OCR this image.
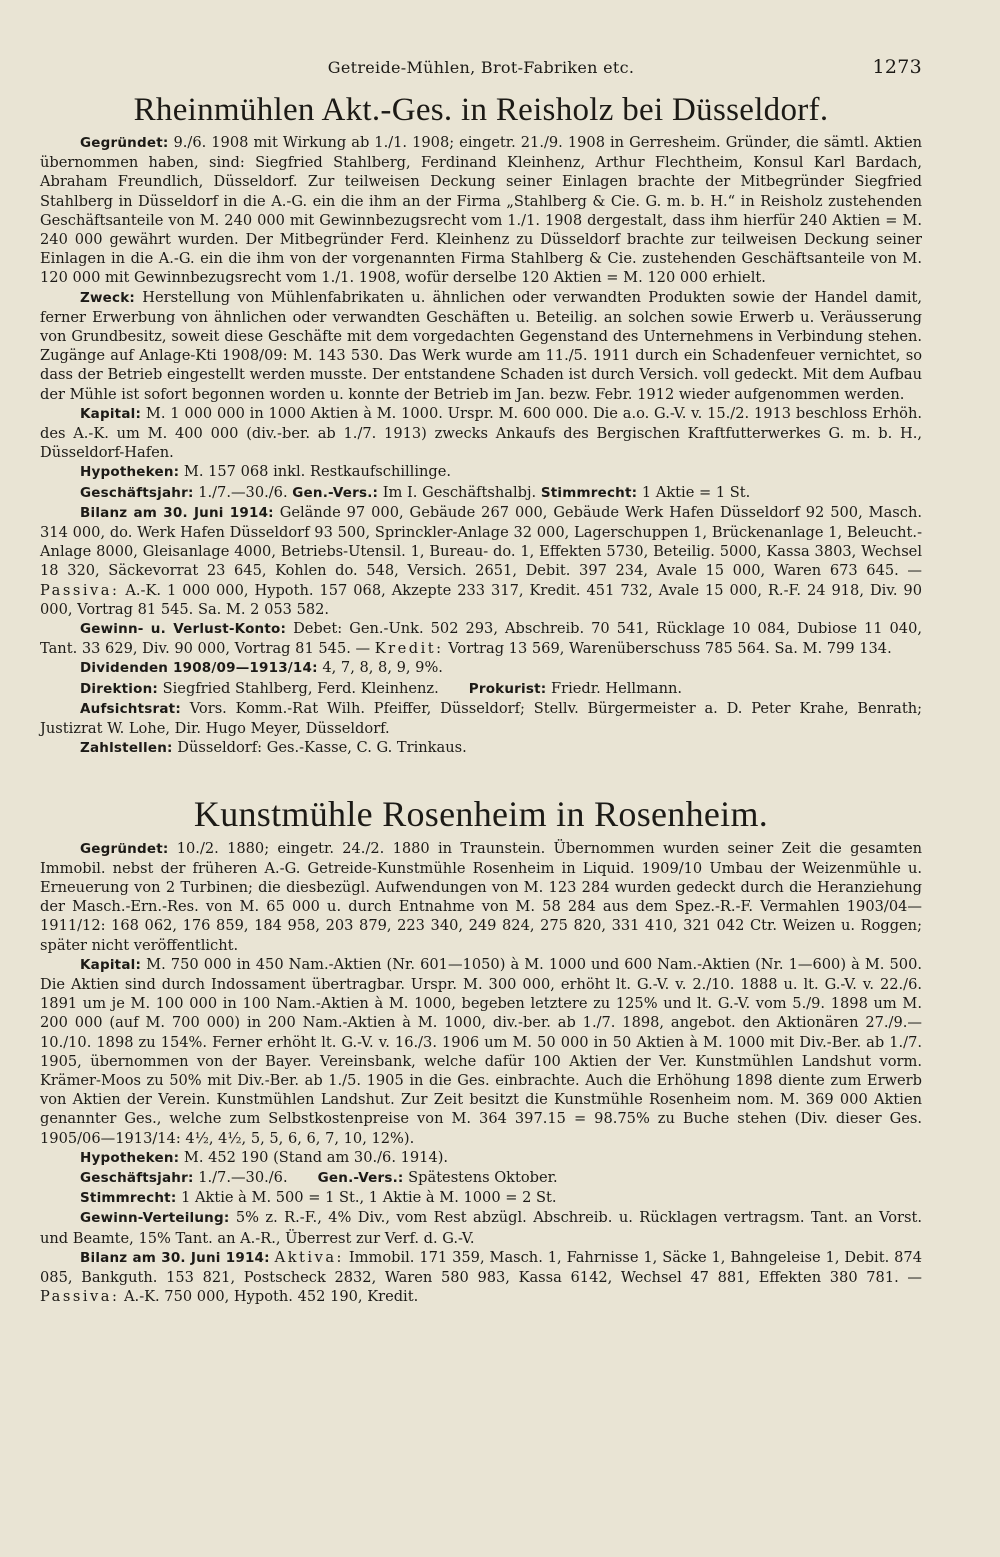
Getreide-Mühlen, Brot-Fabriken etc.	1273
Rheinmühlen Akt.-Ges. in Reisholz bei Düsseldorf.

Gegründet: 9./6. 1908 mit Wirkung ab 1./1. 1908; eingetr. 21./9. 1908 in Gerresheim. Gründer, die sämtl. Aktien übernommen haben, sind: Siegfried Stahlberg, Ferdinand Kleinhenz, Arthur Flechtheim, Konsul Karl Bardach, Abraham Freundlich, Düsseldorf. Zur teilweisen Deckung seiner Einlagen brachte der Mitbegründer Siegfried Stahlberg in Düsseldorf in die A.-G. ein die ihm an der Firma „Stahlberg & Cie. G. m. b. H.“ in Reisholz zustehenden Geschäftsanteile von M. 240 000 mit Gewinnbezugsrecht vom 1./1. 1908 dergestalt, dass ihm hierfür 240 Aktien = M. 240 000 gewährt wurden. Der Mitbegründer Ferd. Kleinhenz zu Düsseldorf brachte zur teilweisen Deckung seiner Einlagen in die A.-G. ein die ihm von der vorgenannten Firma Stahlberg & Cie. zustehenden Geschäftsanteile von M. 120 000 mit Gewinnbezugsrecht vom 1./1. 1908, wofür derselbe 120 Aktien = M. 120 000 erhielt.

Zweck: Herstellung von Mühlenfabrikaten u. ähnlichen oder verwandten Produkten sowie der Handel damit, ferner Erwerbung von ähnlichen oder verwandten Geschäften u. Beteilig. an solchen sowie Erwerb u. Veräusserung von Grundbesitz, soweit diese Geschäfte mit dem vorgedachten Gegenstand des Unternehmens in Verbindung stehen. Zugänge auf Anlage-Kti 1908/09: M. 143 530. Das Werk wurde am 11./5. 1911 durch ein Schadenfeuer vernichtet, so dass der Betrieb eingestellt werden musste. Der entstandene Schaden ist durch Versich. voll gedeckt. Mit dem Aufbau der Mühle ist sofort begonnen worden u. konnte der Betrieb im Jan. bezw. Febr. 1912 wieder aufgenommen werden.

Kapital: M. 1 000 000 in 1000 Aktien à M. 1000. Urspr. M. 600 000. Die a.o. G.-V. v. 15./2. 1913 beschloss Erhöh. des A.-K. um M. 400 000 (div.-ber. ab 1./7. 1913) zwecks Ankaufs des Bergischen Kraftfutterwerkes G. m. b. H., Düsseldorf-Hafen.

Hypotheken: M. 157 068 inkl. Restkaufschillinge.

Geschäftsjahr: 1./7.—30./6. Gen.-Vers.: Im I. Geschäftshalbj. Stimmrecht: 1 Aktie = 1 St.

Bilanz am 30. Juni 1914: Gelände 97 000, Gebäude 267 000, Gebäude Werk Hafen Düsseldorf 92 500, Masch. 314 000, do. Werk Hafen Düsseldorf 93 500, Sprinckler-Anlage 32 000, Lagerschuppen 1, Brückenanlage 1, Beleucht.-Anlage 8000, Gleisanlage 4000, Betriebs-Utensil. 1, Bureau- do. 1, Effekten 5730, Beteilig. 5000, Kassa 3803, Wechsel 18 320, Säckevorrat 23 645, Kohlen do. 548, Versich. 2651, Debit. 397 234, Avale 15 000, Waren 673 645. — Passiva: A.-K. 1 000 000, Hypoth. 157 068, Akzepte 233 317, Kredit. 451 732, Avale 15 000, R.-F. 24 918, Div. 90 000, Vortrag 81 545. Sa. M. 2 053 582.

Gewinn- u. Verlust-Konto: Debet: Gen.-Unk. 502 293, Abschreib. 70 541, Rücklage 10 084, Dubiose 11 040, Tant. 33 629, Div. 90 000, Vortrag 81 545. — Kredit: Vortrag 13 569, Warenüberschuss 785 564. Sa. M. 799 134.

Dividenden 1908/09—1913/14: 4, 7, 8, 8, 9, 9%.

Direktion: Siegfried Stahlberg, Ferd. Kleinhenz. Prokurist: Friedr. Hellmann.

Aufsichtsrat: Vors. Komm.-Rat Wilh. Pfeiffer, Düsseldorf; Stellv. Bürgermeister a. D. Peter Krahe, Benrath; Justizrat W. Lohe, Dir. Hugo Meyer, Düsseldorf.

Zahlstellen: Düsseldorf: Ges.-Kasse, C. G. Trinkaus.

Kunstmühle Rosenheim in Rosenheim.

Gegründet: 10./2. 1880; eingetr. 24./2. 1880 in Traunstein. Übernommen wurden seiner Zeit die gesamten Immobil. nebst der früheren A.-G. Getreide-Kunstmühle Rosenheim in Liquid. 1909/10 Umbau der Weizenmühle u. Erneuerung von 2 Turbinen; die diesbezügl. Aufwendungen von M. 123 284 wurden gedeckt durch die Heranziehung der Masch.-Ern.-Res. von M. 65 000 u. durch Entnahme von M. 58 284 aus dem Spez.-R.-F. Vermahlen 1903/04—1911/12: 168 062, 176 859, 184 958, 203 879, 223 340, 249 824, 275 820, 331 410, 321 042 Ctr. Weizen u. Roggen; später nicht veröffentlicht.

Kapital: M. 750 000 in 450 Nam.-Aktien (Nr. 601—1050) à M. 1000 und 600 Nam.-Aktien (Nr. 1—600) à M. 500. Die Aktien sind durch Indossament übertragbar. Urspr. M. 300 000, erhöht lt. G.-V. v. 2./10. 1888 u. lt. G.-V. v. 22./6. 1891 um je M. 100 000 in 100 Nam.-Aktien à M. 1000, begeben letztere zu 125% und lt. G.-V. vom 5./9. 1898 um M. 200 000 (auf M. 700 000) in 200 Nam.-Aktien à M. 1000, div.-ber. ab 1./7. 1898, angebot. den Aktionären 27./9.—10./10. 1898 zu 154%. Ferner erhöht lt. G.-V. v. 16./3. 1906 um M. 50 000 in 50 Aktien à M. 1000 mit Div.-Ber. ab 1./7. 1905, übernommen von der Bayer. Vereinsbank, welche dafür 100 Aktien der Ver. Kunstmühlen Landshut vorm. Krämer-Moos zu 50% mit Div.-Ber. ab 1./5. 1905 in die Ges. einbrachte. Auch die Erhöhung 1898 diente zum Erwerb von Aktien der Verein. Kunstmühlen Landshut. Zur Zeit besitzt die Kunstmühle Rosenheim nom. M. 369 000 Aktien genannter Ges., welche zum Selbstkostenpreise von M. 364 397.15 = 98.75% zu Buche stehen (Div. dieser Ges. 1905/06—1913/14: 4½, 4½, 5, 5, 6, 6, 7, 10, 12%).

Hypotheken: M. 452 190 (Stand am 30./6. 1914).

Geschäftsjahr: 1./7.—30./6. Gen.-Vers.: Spätestens Oktober.

Stimmrecht: 1 Aktie à M. 500 = 1 St., 1 Aktie à M. 1000 = 2 St.

Gewinn-Verteilung: 5% z. R.-F., 4% Div., vom Rest abzügl. Abschreib. u. Rücklagen vertragsm. Tant. an Vorst. und Beamte, 15% Tant. an A.-R., Überrest zur Verf. d. G.-V.

Bilanz am 30. Juni 1914: Aktiva: Immobil. 171 359, Masch. 1, Fahrnisse 1, Säcke 1, Bahngeleise 1, Debit. 874 085, Bankguth. 153 821, Postscheck 2832, Waren 580 983, Kassa 6142, Wechsel 47 881, Effekten 380 781. — Passiva: A.-K. 750 000, Hypoth. 452 190, Kredit.
